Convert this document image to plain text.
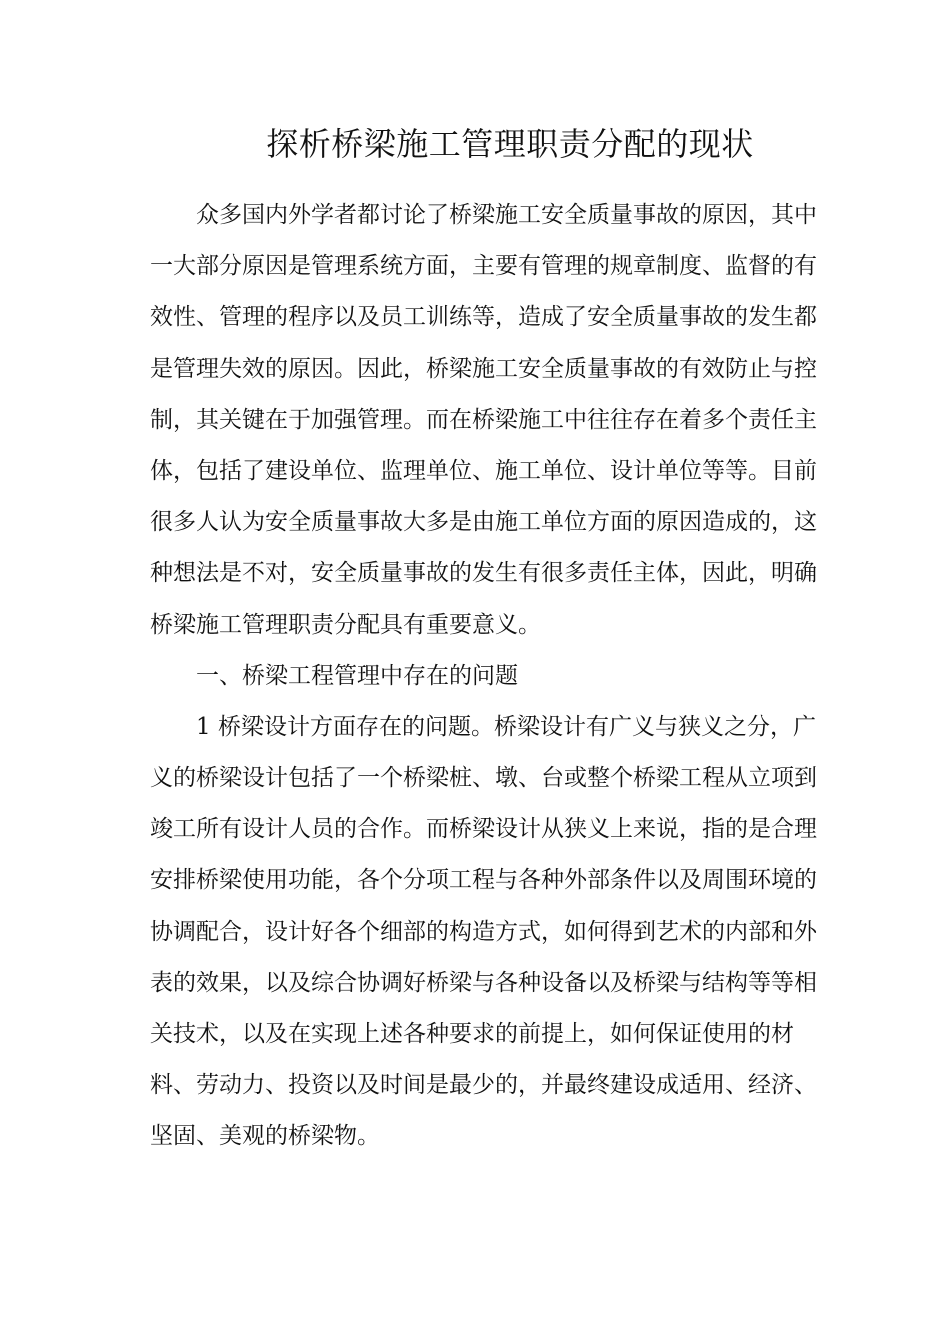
探析桥梁施工管理职责分配的现状
众多国内外学者都讨论了桥梁施工安全质量事故的原因，其中
一大部分原因是管理系统方面，主要有管理的规章制度、监督的有
效性、管理的程序以及员工训练等，造成了安全质量事故的发生都
是管理失效的原因。因此，桥梁施工安全质量事故的有效防止与控
制，其关键在于加强管理。而在桥梁施工中往往存在着多个责任主
体，包括了建设单位、监理单位、施工单位、设计单位等等。目前
很多人认为安全质量事故大多是由施工单位方面的原因造成的，这
种想法是不对，安全质量事故的发生有很多责任主体，因此，明确
桥梁施工管理职责分配具有重要意义。
一、桥梁工程管理中存在的问题
1 桥梁设计方面存在的问题。桥梁设计有广义与狭义之分，广
义的桥梁设计包括了一个桥梁桩、墩、台或整个桥梁工程从立项到
竣工所有设计人员的合作。而桥梁设计从狭义上来说，指的是合理
安排桥梁使用功能，各个分项工程与各种外部条件以及周围环境的
协调配合，设计好各个细部的构造方式，如何得到艺术的内部和外
表的效果，以及综合协调好桥梁与各种设备以及桥梁与结构等等相
关技术，以及在实现上述各种要求的前提上，如何保证使用的材
料、劳动力、投资以及时间是最少的，并最终建设成适用、经济、
坚固、美观的桥梁物。
